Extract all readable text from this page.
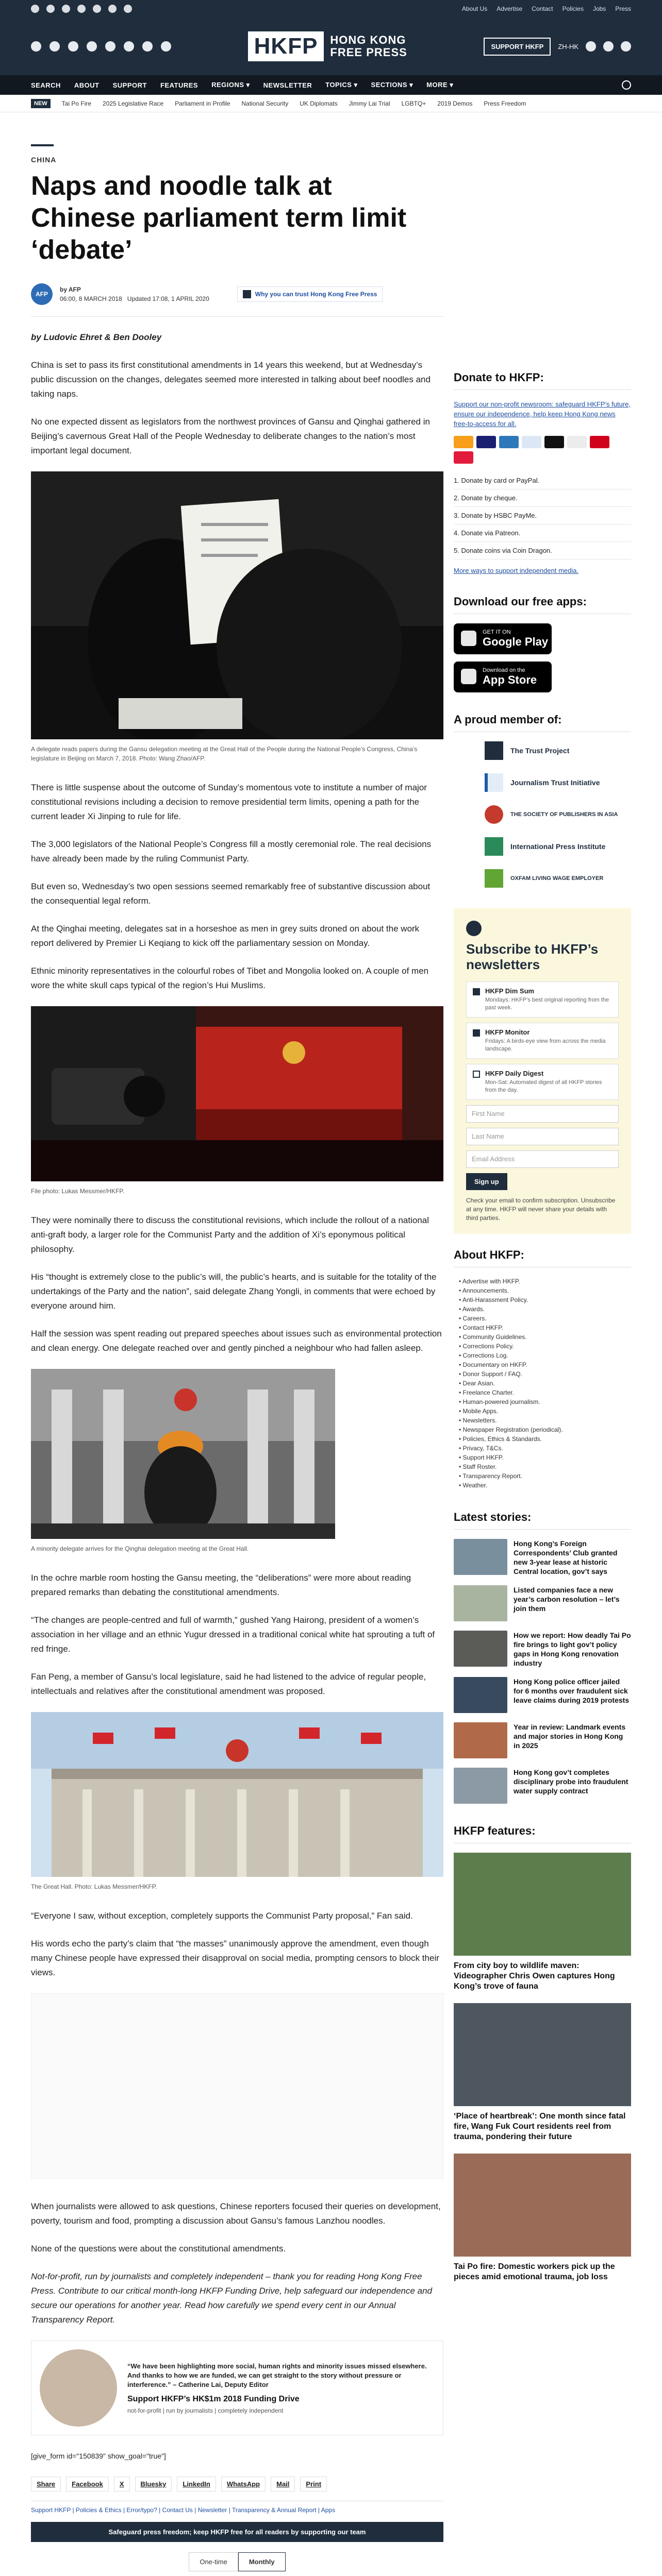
About Us Advertise Contact Policies Jobs Press
HKFP	HONG KONG
FREE PRESS	SUPPORT HKFP	ZH-HK
SEARCH ABOUT SUPPORT FEATURES REGIONS ▾ NEWSLETTER TOPICS ▾ SECTIONS ▾ MORE ▾
NEW	Tai Po Fire 2025 Legislative Race Parliament in Profile National Security UK Diplomats Jimmy Lai Trial LGBTQ+ 2019 Demos Press Freedom
CHINA
Naps and noodle talk at Chinese parliament term limit ‘debate’
AFP
by AFP
06:00, 8 MARCH 2018 Updated 17:08, 1 APRIL 2020
Why you can trust Hong Kong Free Press
by Ludovic Ehret & Ben Dooley

China is set to pass its first constitutional amendments in 14 years this weekend, but at Wednesday’s public discussion on the changes, delegates seemed more interested in talking about beef noodles and taking naps.

No one expected dissent as legislators from the northwest provinces of Gansu and Qinghai gathered in Beijing’s cavernous Great Hall of the People Wednesday to deliberate changes to the nation’s most important legal document.

A delegate reads papers during the Gansu delegation meeting at the Great Hall of the People during the National People’s Congress, China’s legislature in Beijing on March 7, 2018. Photo: Wang Zhao/AFP.

There is little suspense about the outcome of Sunday’s momentous vote to institute a number of major constitutional revisions including a decision to remove presidential term limits, opening a path for the current leader Xi Jinping to rule for life.

The 3,000 legislators of the National People’s Congress fill a mostly ceremonial role. The real decisions have already been made by the ruling Communist Party.

But even so, Wednesday’s two open sessions seemed remarkably free of substantive discussion about the consequential legal reform.

At the Qinghai meeting, delegates sat in a horseshoe as men in grey suits droned on about the work report delivered by Premier Li Keqiang to kick off the parliamentary session on Monday.

Ethnic minority representatives in the colourful robes of Tibet and Mongolia looked on. A couple of men wore the white skull caps typical of the region’s Hui Muslims.

File photo: Lukas Messmer/HKFP.

They were nominally there to discuss the constitutional revisions, which include the rollout of a national anti-graft body, a larger role for the Communist Party and the addition of Xi’s eponymous political philosophy.

His “thought is extremely close to the public’s will, the public’s hearts, and is suitable for the totality of the undertakings of the Party and the nation”, said delegate Zhang Yongli, in comments that were echoed by everyone around him.

Half the session was spent reading out prepared speeches about issues such as environmental protection and clean energy. One delegate reached over and gently pinched a neighbour who had fallen asleep.

A minority delegate arrives for the Qinghai delegation meeting at the Great Hall.

In the ochre marble room hosting the Gansu meeting, the “deliberations” were more about reading prepared remarks than debating the constitutional amendments.

“The changes are people-centred and full of warmth,” gushed Yang Hairong, president of a women’s association in her village and an ethnic Yugur dressed in a traditional conical white hat sprouting a tuft of red fringe.

Fan Peng, a member of Gansu’s local legislature, said he had listened to the advice of regular people, intellectuals and relatives after the constitutional amendment was proposed.

The Great Hall. Photo: Lukas Messmer/HKFP.

“Everyone I saw, without exception, completely supports the Communist Party proposal,” Fan said.

His words echo the party’s claim that “the masses” unanimously approve the amendment, even though many Chinese people have expressed their disapproval on social media, prompting censors to block their views.

When journalists were allowed to ask questions, Chinese reporters focused their queries on development, poverty, tourism and food, prompting a discussion about Gansu’s famous Lanzhou noodles.

None of the questions were about the constitutional amendments.

Not-for-profit, run by journalists and completely independent – thank you for reading Hong Kong Free Press. Contribute to our critical month-long HKFP Funding Drive, help safeguard our independence and secure our operations for another year. Read how carefully we spend every cent in our Annual Transparency Report.

“We have been highlighting more social, human rights and minority issues missed elsewhere. And thanks to how we are funded, we can get straight to the story without pressure or interference.” – Catherine Lai, Deputy Editor
Support HKFP’s HK$1m 2018 Funding Drive
not-for-profit | run by journalists | completely independent

[give_form id="150839" show_goal="true"]

Share	Facebook	X	Bluesky	LinkedIn	WhatsApp	Mail	Print
Support HKFP | Policies & Ethics | Error/typo? | Contact Us | Newsletter | Transparency & Annual Report | Apps
Safeguard press freedom; keep HKFP free for all readers by supporting our team
One-time	Monthly
Donate to HKFP:
Support our non-profit newsroom: safeguard HKFP’s future, ensure our independence, help keep Hong Kong news free-to-access for all.
1. Donate by card or PayPal.
2. Donate by cheque.
3. Donate by HSBC PayMe.
4. Donate via Patreon.
5. Donate coins via Coin Dragon.
More ways to support independent media.
Download our free apps:
GET IT ON
Google Play
Download on the
App Store
A proud member of:
The Trust Project
Journalism Trust Initiative
THE SOCIETY OF PUBLISHERS IN ASIA
International Press Institute
OXFAM LIVING WAGE EMPLOYER
Subscribe to HKFP’s newsletters
HKFP Dim Sum
Mondays: HKFP’s best original reporting from the past week.
HKFP Monitor
Fridays: A birds-eye view from across the media landscape.
HKFP Daily Digest
Mon-Sat: Automated digest of all HKFP stories from the day.
First Name
Last Name
Email Address
Sign up
Check your email to confirm subscription. Unsubscribe at any time. HKFP will never share your details with third parties.
About HKFP:
• Advertise with HKFP.
• Announcements.
• Anti-Harassment Policy.
• Awards.
• Careers.
• Contact HKFP.
• Community Guidelines.
• Corrections Policy.
• Corrections Log.
• Documentary on HKFP.
• Donor Support / FAQ.
• Dear Asian.
• Freelance Charter.
• Human-powered journalism.
• Mobile Apps.
• Newsletters.
• Newspaper Registration (periodical).
• Policies, Ethics & Standards.
• Privacy, T&Cs.
• Support HKFP.
• Staff Roster.
• Transparency Report.
• Weather.
Latest stories:
Hong Kong’s Foreign Correspondents’ Club granted new 3-year lease at historic Central location, gov’t says
Listed companies face a new year’s carbon resolution – let’s join them
How we report: How deadly Tai Po fire brings to light gov’t policy gaps in Hong Kong renovation industry
Hong Kong police officer jailed for 6 months over fraudulent sick leave claims during 2019 protests
Year in review: Landmark events and major stories in Hong Kong in 2025
Hong Kong gov’t completes disciplinary probe into fraudulent water supply contract
HKFP features:
From city boy to wildlife maven: Videographer Chris Owen captures Hong Kong’s trove of fauna
‘Place of heartbreak’: One month since fatal fire, Wang Fuk Court residents reel from trauma, pondering their future
Tai Po fire: Domestic workers pick up the pieces amid emotional trauma, job loss
